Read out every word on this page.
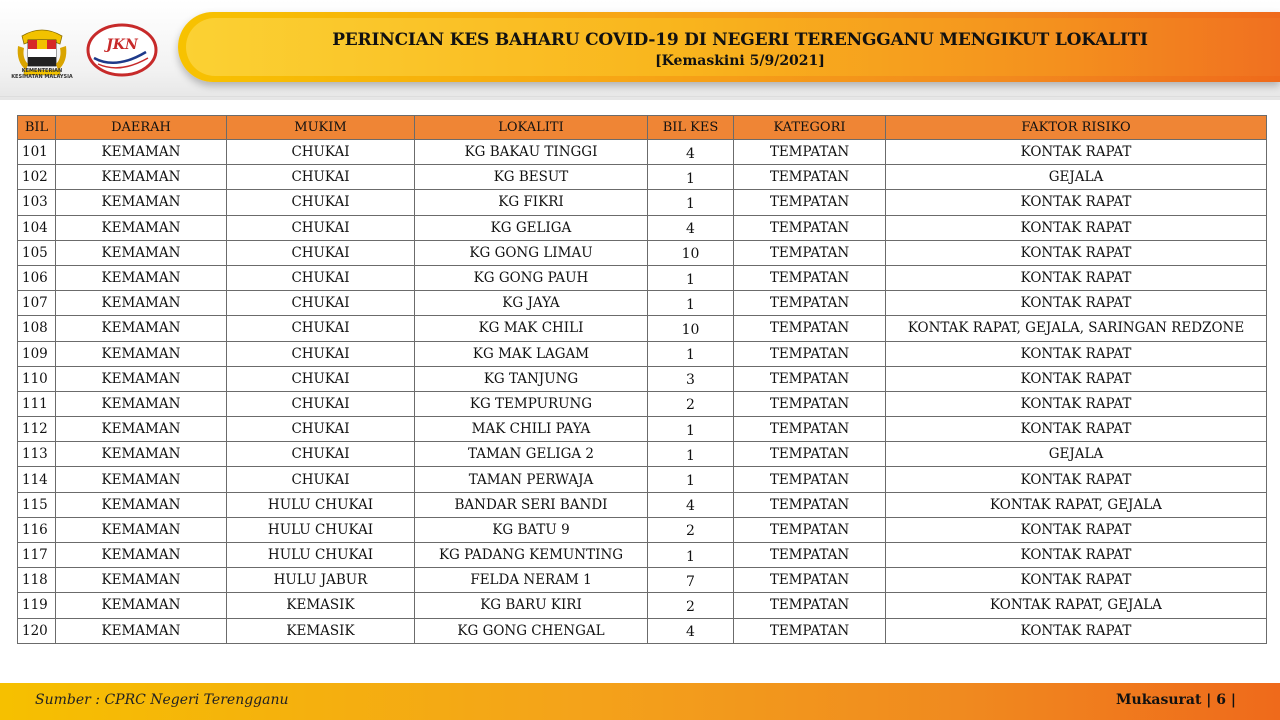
KEMENTERIAN KESIHATAN MALAYSIA
JKN	PERINCIAN KES BAHARU COVID-19 DI NEGERI TERENGGANU MENGIKUT LOKALITI
[Kemaskini 5/9/2021]
BIL	DAERAH	MUKIM	LOKALITI	BIL KES	KATEGORI	FAKTOR RISIKO
101	KEMAMAN	CHUKAI	KG BAKAU TINGGI	4	TEMPATAN	KONTAK RAPAT
102	KEMAMAN	CHUKAI	KG BESUT	1	TEMPATAN	GEJALA
103	KEMAMAN	CHUKAI	KG FIKRI	1	TEMPATAN	KONTAK RAPAT
104	KEMAMAN	CHUKAI	KG GELIGA	4	TEMPATAN	KONTAK RAPAT
105	KEMAMAN	CHUKAI	KG GONG LIMAU	10	TEMPATAN	KONTAK RAPAT
106	KEMAMAN	CHUKAI	KG GONG PAUH	1	TEMPATAN	KONTAK RAPAT
107	KEMAMAN	CHUKAI	KG JAYA	1	TEMPATAN	KONTAK RAPAT
108	KEMAMAN	CHUKAI	KG MAK CHILI	10	TEMPATAN	KONTAK RAPAT, GEJALA, SARINGAN REDZONE
109	KEMAMAN	CHUKAI	KG MAK LAGAM	1	TEMPATAN	KONTAK RAPAT
110	KEMAMAN	CHUKAI	KG TANJUNG	3	TEMPATAN	KONTAK RAPAT
111	KEMAMAN	CHUKAI	KG TEMPURUNG	2	TEMPATAN	KONTAK RAPAT
112	KEMAMAN	CHUKAI	MAK CHILI PAYA	1	TEMPATAN	KONTAK RAPAT
113	KEMAMAN	CHUKAI	TAMAN GELIGA 2	1	TEMPATAN	GEJALA
114	KEMAMAN	CHUKAI	TAMAN PERWAJA	1	TEMPATAN	KONTAK RAPAT
115	KEMAMAN	HULU CHUKAI	BANDAR SERI BANDI	4	TEMPATAN	KONTAK RAPAT, GEJALA
116	KEMAMAN	HULU CHUKAI	KG BATU 9	2	TEMPATAN	KONTAK RAPAT
117	KEMAMAN	HULU CHUKAI	KG PADANG KEMUNTING	1	TEMPATAN	KONTAK RAPAT
118	KEMAMAN	HULU JABUR	FELDA NERAM 1	7	TEMPATAN	KONTAK RAPAT
119	KEMAMAN	KEMASIK	KG BARU KIRI	2	TEMPATAN	KONTAK RAPAT, GEJALA
120	KEMAMAN	KEMASIK	KG GONG CHENGAL	4	TEMPATAN	KONTAK RAPAT
Sumber : CPRC Negeri Terengganu	Mukasurat | 6 |
